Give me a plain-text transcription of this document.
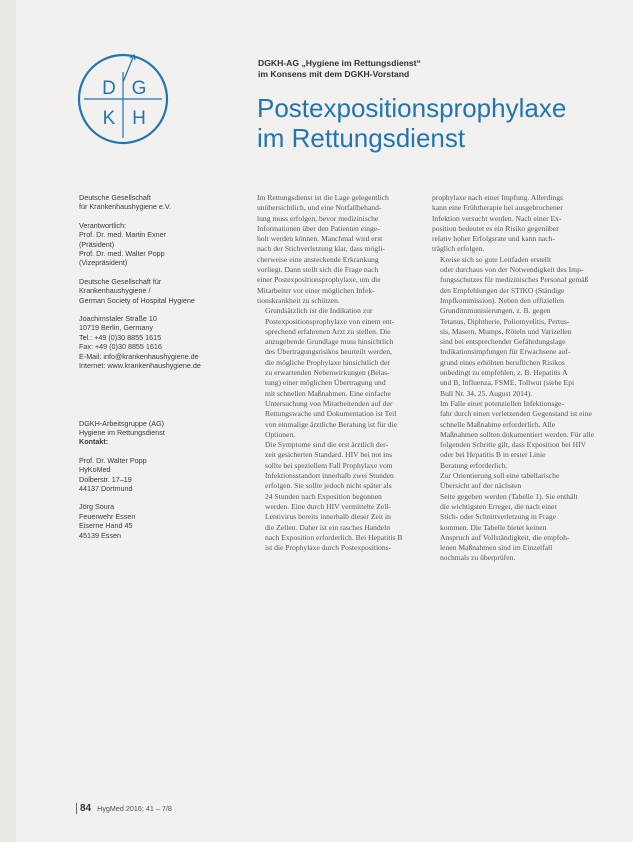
D G
K H
DGKH-AG „Hygiene im Rettungsdienst“
im Konsens mit dem DGKH-Vorstand
Postexpositionsprophylaxe
im Rettungsdienst
Deutsche Gesellschaft
für Krankenhaushygiene e.V.
Verantwortlich:
Prof. Dr. med. Martin Exner
(Präsident)
Prof. Dr. med. Walter Popp
(Vizepräsident)
Deutsche Gesellschaft für
Krankenhaushygiene /
German Society of Hospital Hygiene
Joachimstaler Straße 10
10719 Berlin, Germany
Tel.: +49 (0)30 8855 1615
Fax: +49 (0)30 8855 1616
E-Mail: info@krankenhaushygiene.de
Internet: www.krankenhaushygiene.de
DGKH-Arbeitsgruppe (AG)
Hygiene im Rettungsdienst
Kontakt:
Prof. Dr. Walter Popp
HyKoMed
Dolberstr. 17–19
44137 Dortmund
Jörg Soura
Feuerwehr Essen
Eiserne Hand 45
45139 Essen

Im Rettungsdienst ist die Lage gelegentlich
unübersichtlich, und eine Notfallbehand-
lung muss erfolgen, bevor medizinische
Informationen über den Patienten einge-
holt werden können. Manchmal wird erst
nach der Stichverletzung klar, dass mögli-
cherweise eine ansteckende Erkrankung
vorliegt. Dann stellt sich die Frage nach
einer Postexpositionsprophylaxe, um die
Mitarbeiter vor einer möglichen Infek-
tionskrankheit zu schützen.

Grundsätzlich ist die Indikation zur
Postexpositionsprophylaxe von einem ent-
sprechend erfahrenen Arzt zu stellen. Die
anzugebende Grundlage muss hinsichtlich
des Übertragungsrisikos beurteilt werden,
die mögliche Prophylaxe hinsichtlich der
zu erwartenden Nebenwirkungen (Belas-
tung) einer möglichen Übertragung und
mit schnellen Maßnahmen. Eine einfache
Untersuchung von Mitarbeitenden auf der
Rettungswache und Dokumentation ist Teil
von einmalige ärztliche Beratung ist für die
Optionen.

Die Symptome sind die erst ärztlich der-
zeit gesicherten Standard. HIV bei not ins
sollte bei speziellem Fall Prophylaxe vom
Infektionsstandort innerhalb zwei Stunden
erfolgen. Sie sollte jedoch nicht später als
24 Stunden nach Exposition begonnen
werden. Eine durch HIV vermittelte Zell-
Lentivirus bereits innerhalb dieser Zeit in
die Zellen. Daher ist ein rasches Handeln
nach Exposition erforderlich. Bei Hepatitis B
ist die Prophylaxe durch Postexpositions-

prophylaxe nach einer Impfung. Allerdings
kann eine Frühtherapie bei ausgebrochener
Infektion versucht werden. Nach einer Ex-
position bedeutet es ein Risiko gegenüber
relativ hoher Erfolgsrate und kann nach-
träglich erfolgen.

Kreise sich so gute Leitfaden erstellt
oder durchaus von der Notwendigkeit des Imp-
fungsschutzes für medizinisches Personal gemäß
den Empfehlungen der STIKO (Ständige
Impfkommission). Neben den offiziellen
Grundimmunisierungen, z. B. gegen
Tetanus, Diphtherie, Poliomyelitis, Pertus-
sis, Masern, Mumps, Röteln und Varizellen
sind bei entsprechender Gefährdungslage
Indikationsimpfungen für Erwachsene auf-
grund eines erhöhten beruflichen Risikos
unbedingt zu empfehlen, z. B. Hepatitis A
und B, Influenza, FSME, Tollwut (siehe Epi
Bull Nr. 34, 25. August 2014).

Im Falle einer potenziellen Infektionsge-
fahr durch einen verletzenden Gegenstand ist eine
schnelle Maßnahme erforderlich. Alle
Maßnahmen sollten dokumentiert werden. Für alle
folgenden Schritte gilt, dass Exposition bei HIV
oder bei Hepatitis B in erster Linie
Beratung erforderlich.

Zur Orientierung soll eine tabellarische
Übersicht auf der nächsten
Seite gegeben werden (Tabelle 1). Sie enthält
die wichtigsten Erreger, die nach einer
Stich- oder Schnittverletzung in Frage
kommen. Die Tabelle bietet keinen
Anspruch auf Vollständigkeit, die empfoh-
lenen Maßnahmen sind im Einzelfall
nochmals zu überprüfen.

84 HygMed 2016; 41 – 7/8
